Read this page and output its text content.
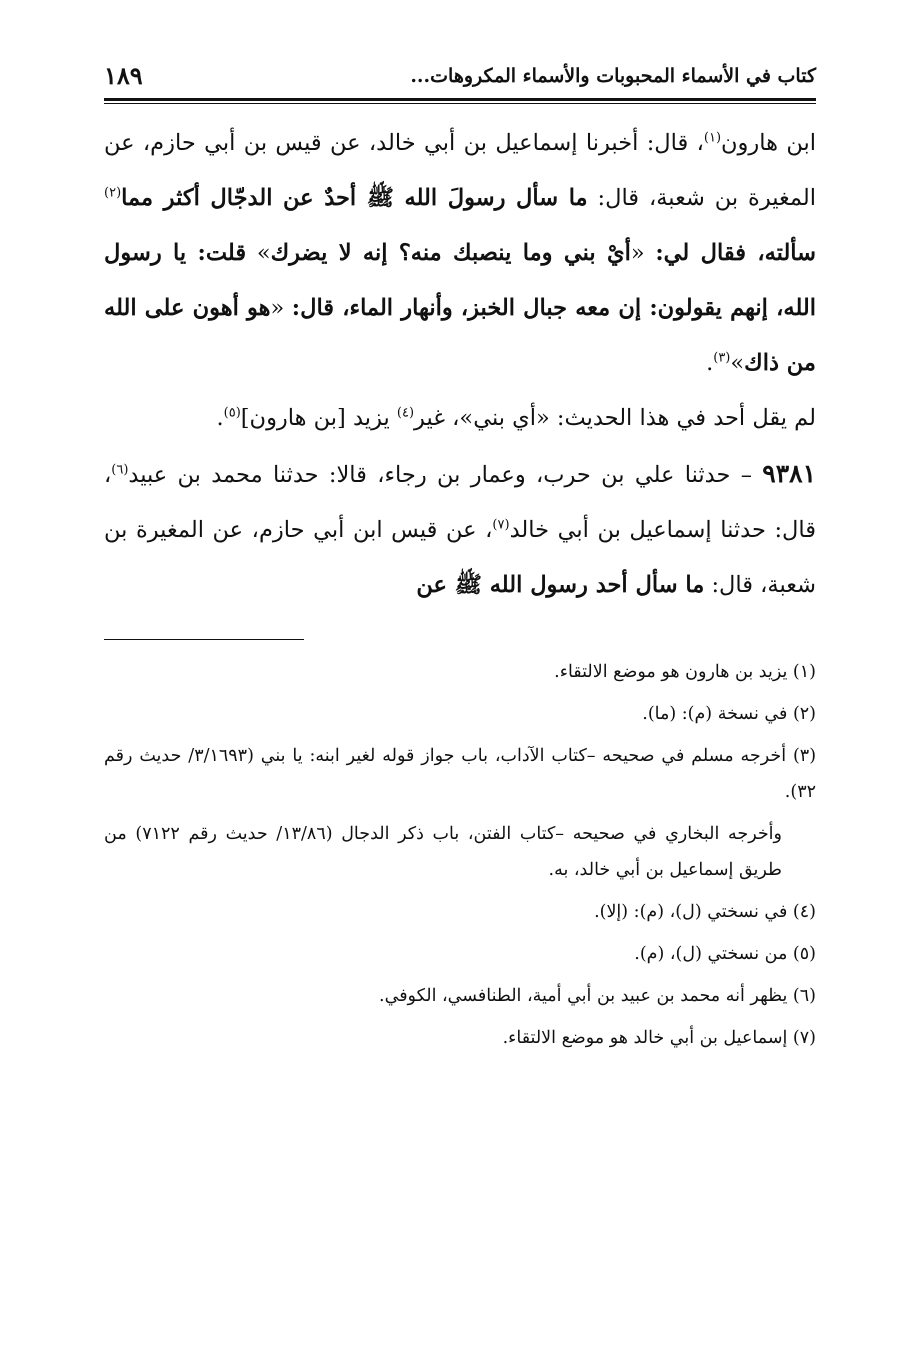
كتاب في الأسماء المحبوبات والأسماء المكروهات...
١٨٩

ابن هارون$^{(١)}$، قال: أخبرنا إسماعيل بن أبي خالد، عن قيس بن أبي حازم، عن المغيرة بن شعبة، قال: ما سأل رسولَ الله ﷺ أحدٌ عن الدجّال أكثر مما$^{(٢)}$ سألته، فقال لي: «أيْ بني وما ينصبك منه؟ إنه لا يضرك» قلت: يا رسول الله، إنهم يقولون: إن معه جبال الخبز، وأنهار الماء، قال: «هو أهون على الله من ذاك»$^{(٣)}$.

لم يقل أحد في هذا الحديث: «أي بني»، غير$^{(٤)}$ يزيد [بن هارون]$^{(٥)}$.

٩٣٨١ – حدثنا علي بن حرب، وعمار بن رجاء، قالا: حدثنا محمد بن عبيد$^{(٦)}$، قال: حدثنا إسماعيل بن أبي خالد$^{(٧)}$، عن قيس ابن أبي حازم، عن المغيرة بن شعبة، قال: ما سأل أحد رسول الله ﷺ عن

(١) يزيد بن هارون هو موضع الالتقاء.

(٢) في نسخة (م): (ما).

(٣) أخرجه مسلم في صحيحه –كتاب الآداب، باب جواز قوله لغير ابنه: يا بني (٣/١٦٩٣/ حديث رقم ٣٢).

وأخرجه البخاري في صحيحه –كتاب الفتن، باب ذكر الدجال (١٣/٨٦/ حديث رقم ٧١٢٢) من طريق إسماعيل بن أبي خالد، به.

(٤) في نسختي (ل)، (م): (إلا).

(٥) من نسختي (ل)، (م).

(٦) يظهر أنه محمد بن عبيد بن أبي أمية، الطنافسي، الكوفي.

(٧) إسماعيل بن أبي خالد هو موضع الالتقاء.
